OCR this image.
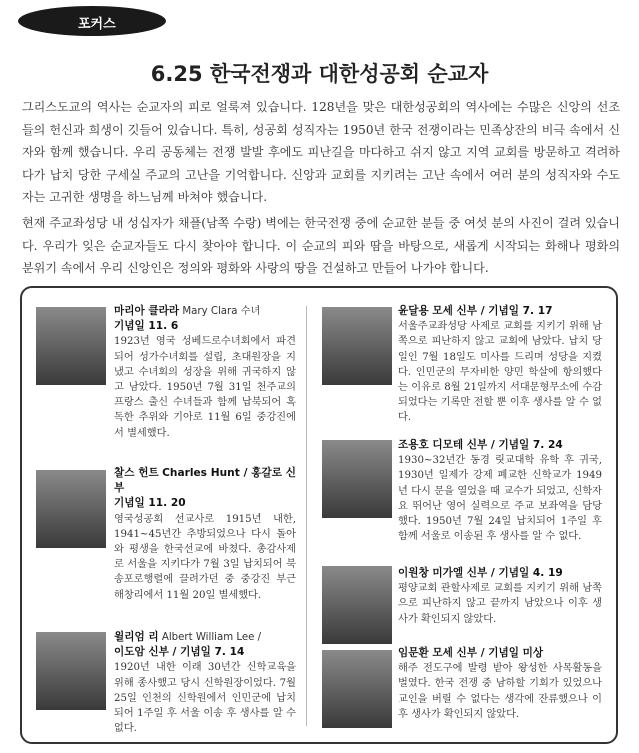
포커스
6.25 한국전쟁과 대한성공회 순교자
그리스도교의 역사는 순교자의 피로 얼룩져 있습니다. 128년을 맞은 대한성공회의 역사에는 수많은 신앙의 선조들의 헌신과 희생이 깃들어 있습니다. 특히, 성공회 성직자는 1950년 한국 전쟁이라는 민족상잔의 비극 속에서 신자와 함께 했습니다. 우리 공동체는 전쟁 발발 후에도 피난길을 마다하고 쉬지 않고 지역 교회를 방문하고 격려하다가 납치 당한 구세실 주교의 고난을 기억합니다. 신앙과 교회를 지키려는 고난 속에서 여러 분의 성직자와 수도자는 고귀한 생명을 하느님께 바쳐야 했습니다.
현재 주교좌성당 내 성십자가 채플(남쪽 수랑) 벽에는 한국전쟁 중에 순교한 분들 중 여섯 분의 사진이 걸려 있습니다. 우리가 잊은 순교자들도 다시 찾아야 합니다. 이 순교의 피와 땀을 바탕으로, 새롭게 시작되는 화해나 평화의 분위기 속에서 우리 신앙인은 정의와 평화와 사랑의 땅을 건설하고 만들어 나가야 합니다.
마리아 클라라 Mary Clara 수녀
기념일 11. 6
1923년 영국 성베드로수녀회에서 파견되어 성가수녀회를 설립, 초대원장을 지냈고 수녀회의 성장을 위해 귀국하지 않고 남았다. 1950년 7월 31일 천주교의 프랑스 출신 수녀들과 함께 납북되어 혹독한 추위와 기아로 11월 6일 중강진에서 별세했다.
찰스 헌트 Charles Hunt / 홍갈로 신부
기념일 11. 20
영국성공회 선교사로 1915년 내한, 1941~45년간 추방되었으나 다시 돌아와 평생을 한국선교에 바쳤다. 총감사제로 서울을 지키다가 7월 3일 납치되어 북송포로행렬에 끌려가던 중 중강진 부근 해창리에서 11월 20일 별세했다.
윌리엄 리 Albert William Lee /
이도암 신부 / 기념일 7. 14
1920년 내한 이래 30년간 신학교육을 위해 종사했고 당시 신학원장이었다. 7월 25일 인천의 신학원에서 인민군에 납치되어 1주일 후 서울 이송 후 생사를 알 수 없다.
윤달용 모세 신부 / 기념일 7. 17
서울주교좌성당 사제로 교회를 지키기 위해 남쪽으로 피난하지 않고 교회에 남았다. 납치 당일인 7월 18일도 미사를 드리며 성당을 지켰다. 인민군의 무자비한 양민 학살에 항의했다는 이유로 8월 21일까지 서대문형무소에 수감되었다는 기록만 전할 뿐 이후 생사를 알 수 없다.
조용호 디모테 신부 / 기념일 7. 24
1930~32년간 동경 릿교대학 유학 후 귀국, 1930년 일제가 강제 폐교한 신학교가 1949년 다시 문을 열었을 때 교수가 되었고, 신학자요 뛰어난 영어 실력으로 주교 보좌역을 담당했다. 1950년 7월 24일 납치되어 1주일 후 함께 서울로 이송된 후 생사를 알 수 없다.
이원창 미가엘 신부 / 기념일 4. 19
평양교회 관할사제로 교회를 지키기 위해 남쪽으로 피난하지 않고 끝까지 남았으나 이후 생사가 확인되지 않았다.
임문환 모세 신부 / 기념일 미상
해주 전도구에 발령 받아 왕성한 사목활동을 벌였다. 한국 전쟁 중 남하할 기회가 있었으나 교인을 버릴 수 없다는 생각에 잔류했으나 이후 생사가 확인되지 않았다.
